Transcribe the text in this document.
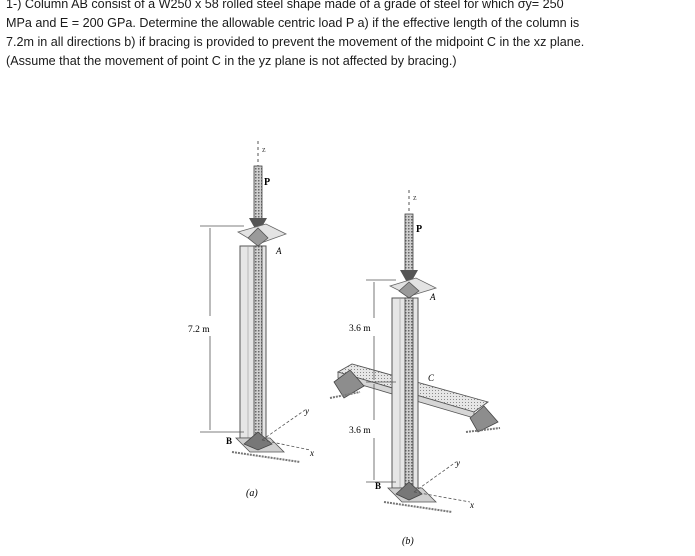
1-) Column AB consist of a W250 x 58 rolled steel shape made of a grade of steel for which σy= 250

MPa and E = 200 GPa. Determine the allowable centric load P a) if the effective length of the column is

7.2m in all directions b) if bracing is provided to prevent the movement of the midpoint C in the xz plane.

(Assume that the movement of point C in the yz plane is not affected by bracing.)

z
P
A
B
7.2 m
y
x
(a)
z
P
A
C
B
3.6 m
3.6 m
y
x
(b)
